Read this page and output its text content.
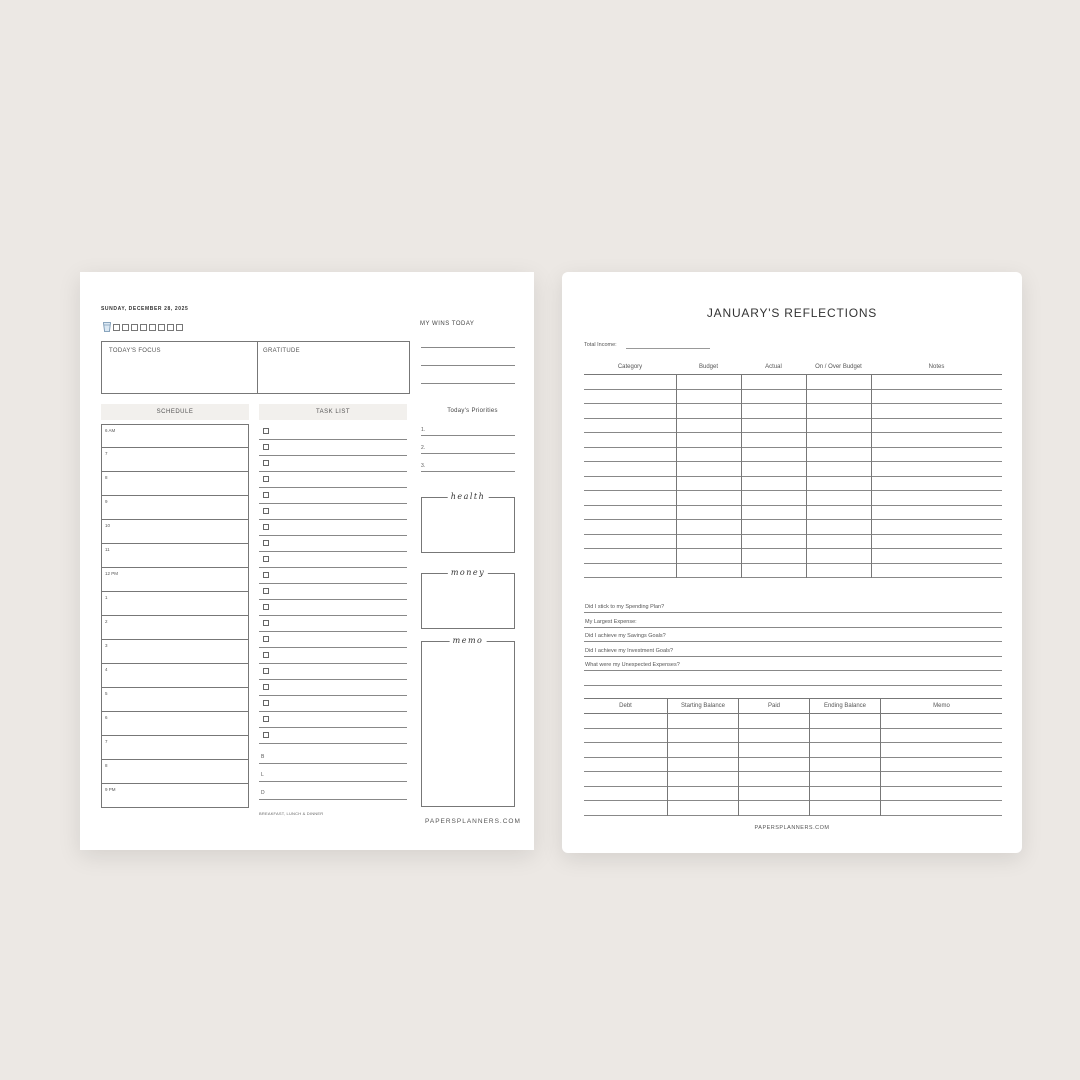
SUNDAY, DECEMBER 28, 2025
MY WINS TODAY
TODAY'S FOCUS	GRATITUDE
SCHEDULE	TASK LIST	Today's Priorities
1.
2.
3.
6 AM
7
8
9
10
11
12 PM
1
2
3
4
5
6
7
8
9 PM
B
L
D
BREAKFAST, LUNCH & DINNER
health
money
memo
PAPERSPLANNERS.COM
JANUARY'S REFLECTIONS
Total Income:
Category	Budget	Actual	On / Over Budget	Notes

Did I stick to my Spending Plan?
My Largest Expense:
Did I achieve my Savings Goals?
Did I achieve my Investment Goals?
What were my Unexpected Expenses?
Debt	Starting Balance	Paid	Ending Balance	Memo

PAPERSPLANNERS.COM
